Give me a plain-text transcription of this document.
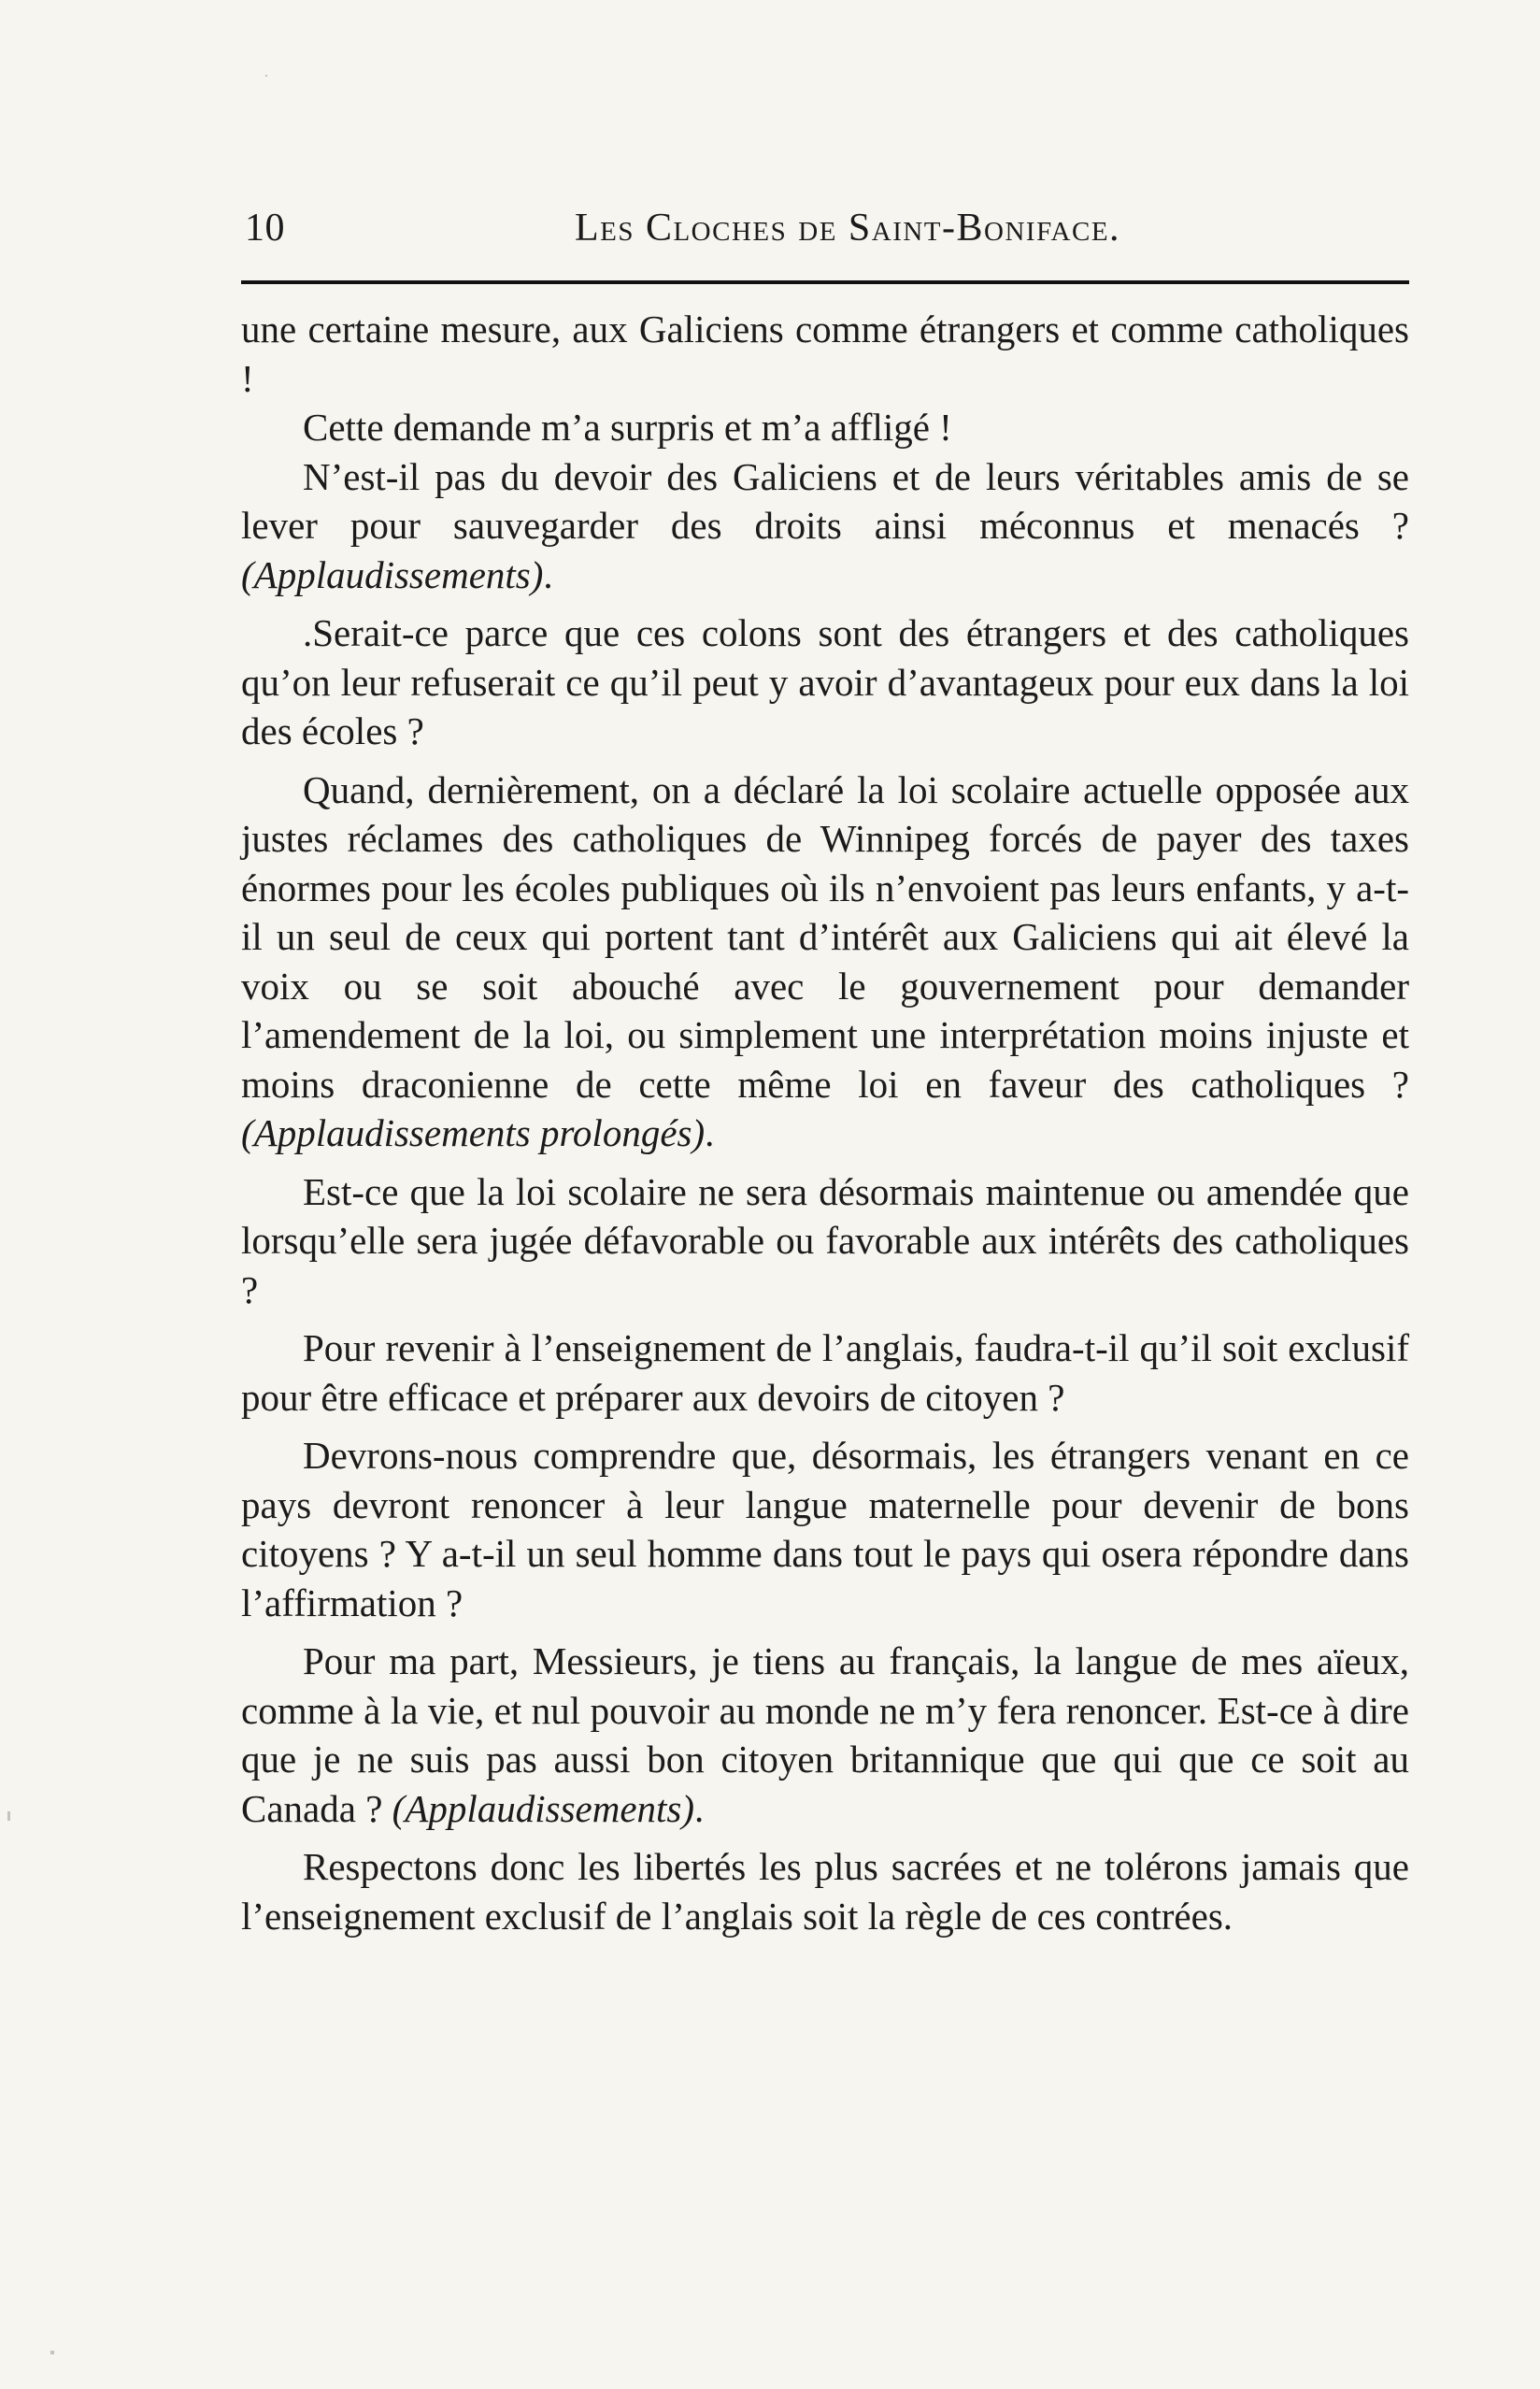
10	Les Cloches de Saint-Boniface.

une certaine mesure, aux Galiciens comme étrangers et comme catholiques !

Cette demande m’a surpris et m’a affligé !

N’est-il pas du devoir des Galiciens et de leurs véritables amis de se lever pour sauvegarder des droits ainsi méconnus et menacés ? (Applaudissements).

.Serait-ce parce que ces colons sont des étrangers et des catholiques qu’on leur refuserait ce qu’il peut y avoir d’avantageux pour eux dans la loi des écoles ?

Quand, dernièrement, on a déclaré la loi scolaire actuelle opposée aux justes réclames des catholiques de Winnipeg forcés de payer des taxes énormes pour les écoles publiques où ils n’envoient pas leurs enfants, y a-t-il un seul de ceux qui portent tant d’intérêt aux Galiciens qui ait élevé la voix ou se soit abouché avec le gouvernement pour demander l’amendement de la loi, ou simplement une interprétation moins injuste et moins draconienne de cette même loi en faveur des catholiques ? (Applaudissements prolongés).

Est-ce que la loi scolaire ne sera désormais maintenue ou amendée que lorsqu’elle sera jugée défavorable ou favorable aux intérêts des catholiques ?

Pour revenir à l’enseignement de l’anglais, faudra-t-il qu’il soit exclusif pour être efficace et préparer aux devoirs de citoyen ?

Devrons-nous comprendre que, désormais, les étrangers venant en ce pays devront renoncer à leur langue maternelle pour devenir de bons citoyens ? Y a-t-il un seul homme dans tout le pays qui osera répondre dans l’affirmation ?

Pour ma part, Messieurs, je tiens au français, la langue de mes aïeux, comme à la vie, et nul pouvoir au monde ne m’y fera renoncer. Est-ce à dire que je ne suis pas aussi bon citoyen britannique que qui que ce soit au Canada ? (Applaudissements).

Respectons donc les libertés les plus sacrées et ne tolérons jamais que l’enseignement exclusif de l’anglais soit la règle de ces contrées.
